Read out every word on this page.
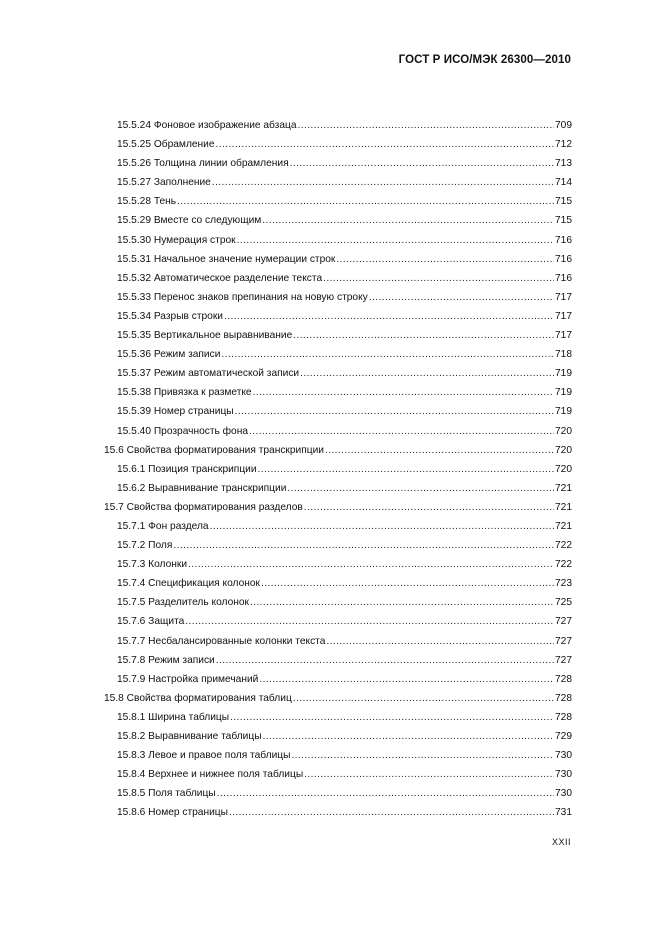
ГОСТ Р ИСО/МЭК 26300—2010
15.5.24 Фоновое изображение абзаца .....	709
15.5.25 Обрамление .....	712
15.5.26 Толщина линии обрамления .....	713
15.5.27 Заполнение .....	714
15.5.28 Тень .....	715
15.5.29 Вместе со следующим .....	715
15.5.30 Нумерация строк .....	716
15.5.31 Начальное значение нумерации строк .....	716
15.5.32 Автоматическое разделение текста .....	716
15.5.33 Перенос знаков препинания на новую строку .....	717
15.5.34 Разрыв строки .....	717
15.5.35 Вертикальное выравнивание .....	717
15.5.36 Режим записи .....	718
15.5.37 Режим автоматической записи .....	719
15.5.38 Привязка к разметке .....	719
15.5.39 Номер страницы .....	719
15.5.40 Прозрачность фона .....	720
15.6 Свойства форматирования транскрипции .....	720
15.6.1 Позиция транскрипции .....	720
15.6.2 Выравнивание транскрипции .....	721
15.7 Свойства форматирования разделов .....	721
15.7.1 Фон раздела .....	721
15.7.2 Поля .....	722
15.7.3 Колонки .....	722
15.7.4 Спецификация колонок .....	723
15.7.5 Разделитель колонок .....	725
15.7.6 Защита .....	727
15.7.7 Несбалансированные колонки текста .....	727
15.7.8 Режим записи .....	727
15.7.9 Настройка примечаний .....	728
15.8 Свойства форматирования таблиц .....	728
15.8.1 Ширина таблицы .....	728
15.8.2 Выравнивание таблицы .....	729
15.8.3 Левое и правое поля таблицы .....	730
15.8.4 Верхнее и нижнее поля таблицы .....	730
15.8.5 Поля таблицы .....	730
15.8.6 Номер страницы .....	731
XXII
